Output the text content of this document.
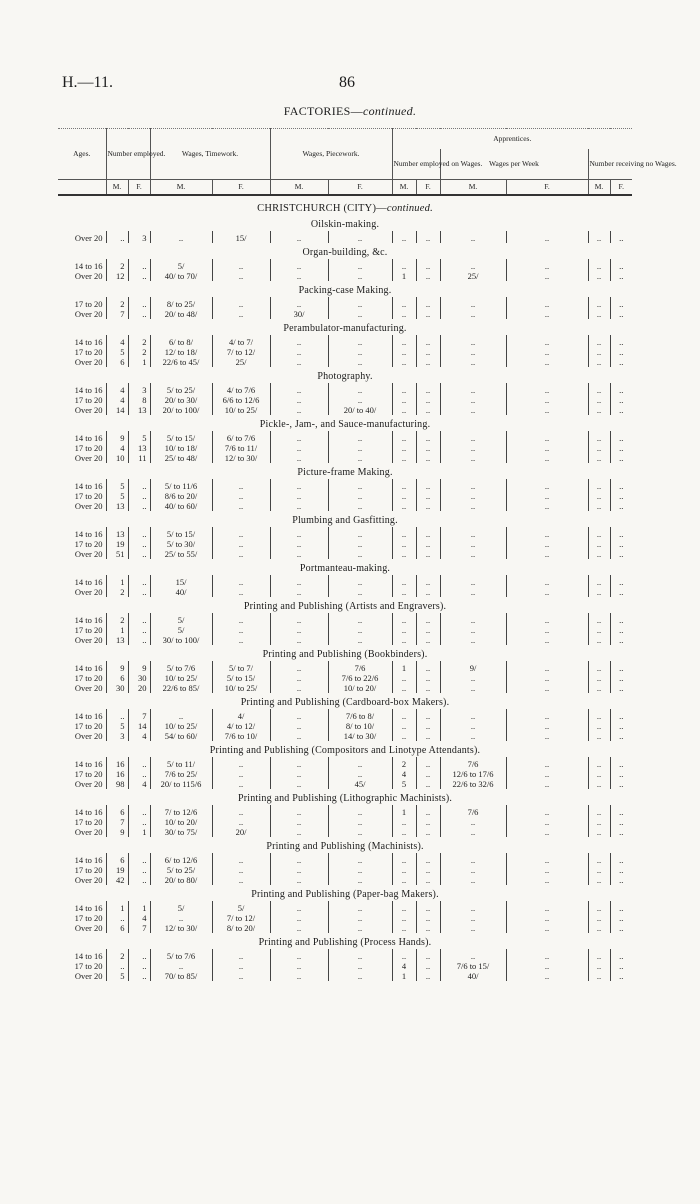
H.—11.	86
FACTORIES—continued.
Ages.	Number employed.		Wages, Timework.		Wages, Piecework.		Apprentices.					
							Number employed on Wages.		Wages per Week		Number receiving no Wages.	
	M.	F.	M.	F.	M.	F.	M.	F.	M.	F.	M.	F.
CHRISTCHURCH (CITY)—continued.												
Oilskin-making.												
Over 20	..	3	..	15/	..	..	..	..	..	..	..	..
Organ-building, &c.												
14 to 16	2	..	5/	..	..	..	..	..	..	..	..	..
Over 20	12	..	40/ to 70/	..	..	..	1	..	25/	..	..	..
Packing-case Making.												
17 to 20	2	..	8/ to 25/	..	..	..	..	..	..	..	..	..
Over 20	7	..	20/ to 48/	..	30/	..	..	..	..	..	..	..
Perambulator-manufacturing.												
14 to 16	4	2	6/ to 8/	4/ to 7/	..	..	..	..	..	..	..	..
17 to 20	5	2	12/ to 18/	7/ to 12/	..	..	..	..	..	..	..	..
Over 20	6	1	22/6 to 45/	25/	..	..	..	..	..	..	..	..
Photography.												
14 to 16	4	3	5/ to 25/	4/ to 7/6	..	..	..	..	..	..	..	..
17 to 20	4	8	20/ to 30/	6/6 to 12/6	..	..	..	..	..	..	..	..
Over 20	14	13	20/ to 100/	10/ to 25/	..	20/ to 40/	..	..	..	..	..	..
Pickle-, Jam-, and Sauce-manufacturing.												
14 to 16	9	5	5/ to 15/	6/ to 7/6	..	..	..	..	..	..	..	..
17 to 20	4	13	10/ to 18/	7/6 to 11/	..	..	..	..	..	..	..	..
Over 20	10	11	25/ to 48/	12/ to 30/	..	..	..	..	..	..	..	..
Picture-frame Making.												
14 to 16	5	..	5/ to 11/6	..	..	..	..	..	..	..	..	..
17 to 20	5	..	8/6 to 20/	..	..	..	..	..	..	..	..	..
Over 20	13	..	40/ to 60/	..	..	..	..	..	..	..	..	..
Plumbing and Gasfitting.												
14 to 16	13	..	5/ to 15/	..	..	..	..	..	..	..	..	..
17 to 20	19	..	5/ to 30/	..	..	..	..	..	..	..	..	..
Over 20	51	..	25/ to 55/	..	..	..	..	..	..	..	..	..
Portmanteau-making.												
14 to 16	1	..	15/	..	..	..	..	..	..	..	..	..
Over 20	2	..	40/	..	..	..	..	..	..	..	..	..
Printing and Publishing (Artists and Engravers).												
14 to 16	2	..	5/	..	..	..	..	..	..	..	..	..
17 to 20	1	..	5/	..	..	..	..	..	..	..	..	..
Over 20	13	..	30/ to 100/	..	..	..	..	..	..	..	..	..
Printing and Publishing (Bookbinders).												
14 to 16	9	9	5/ to 7/6	5/ to 7/	..	7/6	1	..	9/	..	..	..
17 to 20	6	30	10/ to 25/	5/ to 15/	..	7/6 to 22/6	..	..	..	..	..	..
Over 20	30	20	22/6 to 85/	10/ to 25/	..	10/ to 20/	..	..	..	..	..	..
Printing and Publishing (Cardboard-box Makers).												
14 to 16	..	7	..	4/	..	7/6 to 8/	..	..	..	..	..	..
17 to 20	5	14	10/ to 25/	4/ to 12/	..	8/ to 10/	..	..	..	..	..	..
Over 20	3	4	54/ to 60/	7/6 to 10/	..	14/ to 30/	..	..	..	..	..	..
Printing and Publishing (Compositors and Linotype Attendants).												
14 to 16	16	..	5/ to 11/	..	..	..	2	..	7/6	..	..	..
17 to 20	16	..	7/6 to 25/	..	..	..	4	..	12/6 to 17/6	..	..	..
Over 20	98	4	20/ to 115/6	..	..	45/	5	..	22/6 to 32/6	..	..	..
Printing and Publishing (Lithographic Machinists).												
14 to 16	6	..	7/ to 12/6	..	..	..	1	..	7/6	..	..	..
17 to 20	7	..	10/ to 20/	..	..	..	..	..	..	..	..	..
Over 20	9	1	30/ to 75/	20/	..	..	..	..	..	..	..	..
Printing and Publishing (Machinists).												
14 to 16	6	..	6/ to 12/6	..	..	..	..	..	..	..	..	..
17 to 20	19	..	5/ to 25/	..	..	..	..	..	..	..	..	..
Over 20	42	..	20/ to 80/	..	..	..	..	..	..	..	..	..
Printing and Publishing (Paper-bag Makers).												
14 to 16	1	1	5/	5/	..	..	..	..	..	..	..	..
17 to 20	..	4	..	7/ to 12/	..	..	..	..	..	..	..	..
Over 20	6	7	12/ to 30/	8/ to 20/	..	..	..	..	..	..	..	..
Printing and Publishing (Process Hands).												
14 to 16	2	..	5/ to 7/6	..	..	..	..	..	..	..	..	..
17 to 20	..	..	..	..	..	..	4	..	7/6 to 15/	..	..	..
Over 20	5	..	70/ to 85/	..	..	..	1	..	40/	..	..	..
